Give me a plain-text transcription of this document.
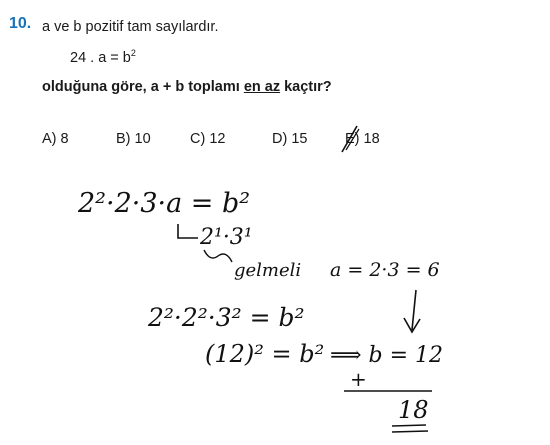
10. a ve b pozitif tam sayılardır.
24 . $a = b^2$
olduğuna göre, a + b toplamı en az kaçtır?
A) 8	B) 10	C) 12	D) 15	E) 18
2²·2·3·a = b²
2¹·3¹
gelmeli a = 2·3 = 6
2²·2²·3² = b²
(12)² = b² ⟹ b = 12
+
18
